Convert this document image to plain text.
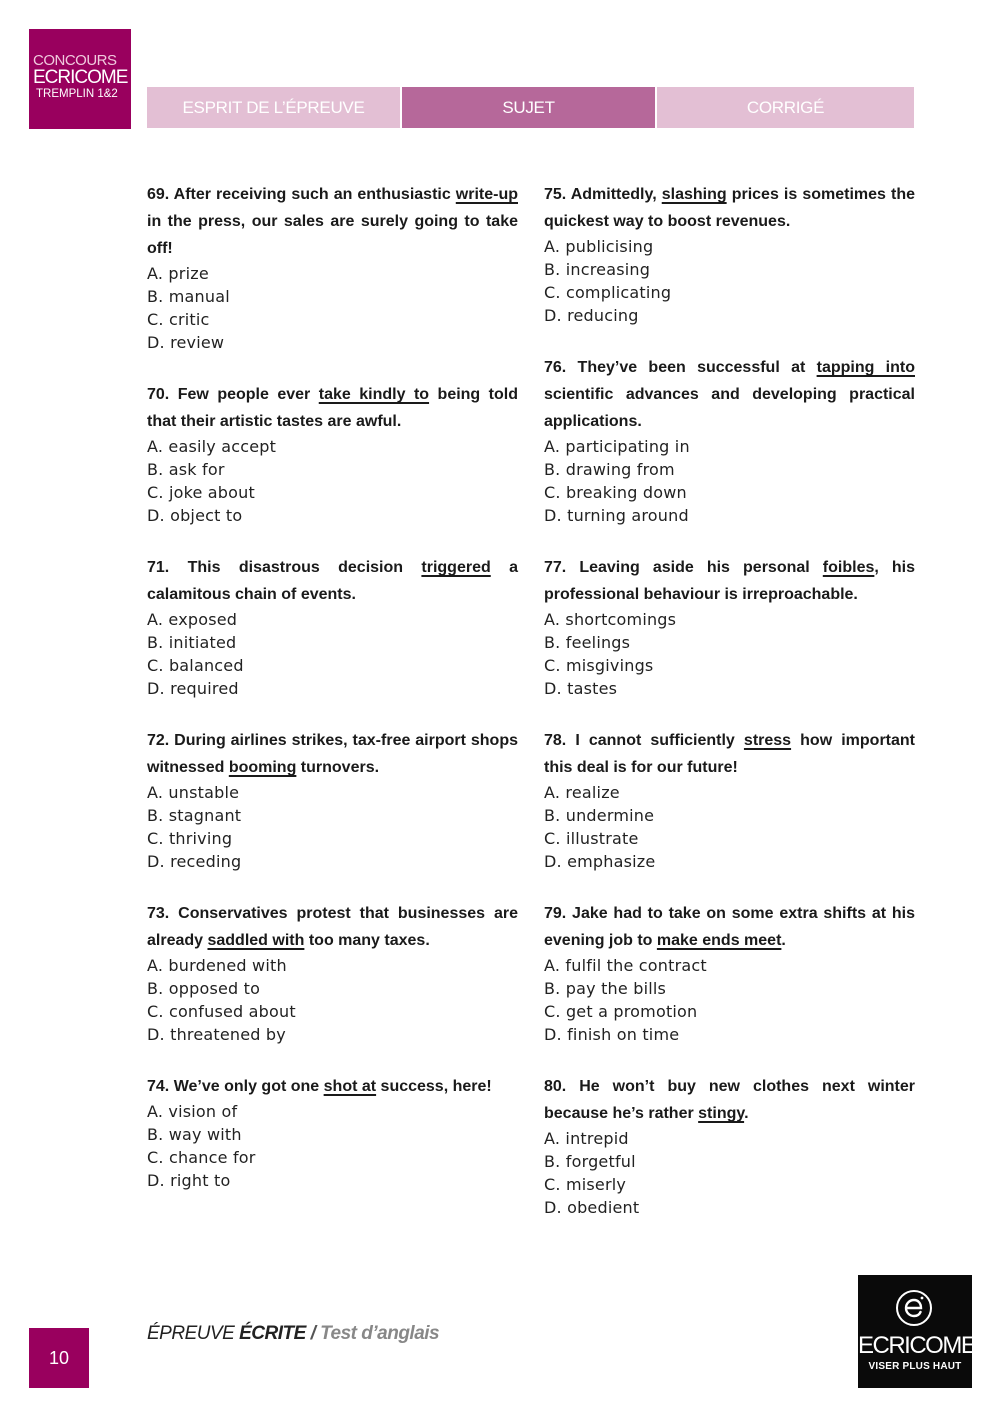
CONCOURS
ECRICOME
TREMPLIN 1&2
ESPRIT DE L’ÉPREUVE	SUJET	CORRIGÉ
69. After receiving such an enthusiastic write-up in the press, our sales are surely going to take off!
A. prize
B. manual
C. critic
D. review
70. Few people ever take kindly to being told that their artistic tastes are awful.
A. easily accept
B. ask for
C. joke about
D. object to
71. This disastrous decision triggered a calamitous chain of events.
A. exposed
B. initiated
C. balanced
D. required
72. During airlines strikes, tax-free airport shops witnessed booming turnovers.
A. unstable
B. stagnant
C. thriving
D. receding
73. Conservatives protest that businesses are already saddled with too many taxes.
A. burdened with
B. opposed to
C. confused about
D. threatened by
74. We’ve only got one shot at success, here!
A. vision of
B. way with
C. chance for
D. right to
75. Admittedly, slashing prices is sometimes the quickest way to boost revenues.
A. publicising
B. increasing
C. complicating
D. reducing
76. They’ve been successful at tapping into scientific advances and developing practical applications.
A. participating in
B. drawing from
C. breaking down
D. turning around
77. Leaving aside his personal foibles, his professional behaviour is irreproachable.
A. shortcomings
B. feelings
C. misgivings
D. tastes
78. I cannot sufficiently stress how important this deal is for our future!
A. realize
B. undermine
C. illustrate
D. emphasize
79. Jake had to take on some extra shifts at his evening job to make ends meet.
A. fulfil the contract
B. pay the bills
C. get a promotion
D. finish on time
80. He won’t buy new clothes next winter because he’s rather stingy.
A. intrepid
B. forgetful
C. miserly
D. obedient
ÉPREUVE ÉCRITE / Test d’anglais
10	ECRICOME
VISER PLUS HAUT
